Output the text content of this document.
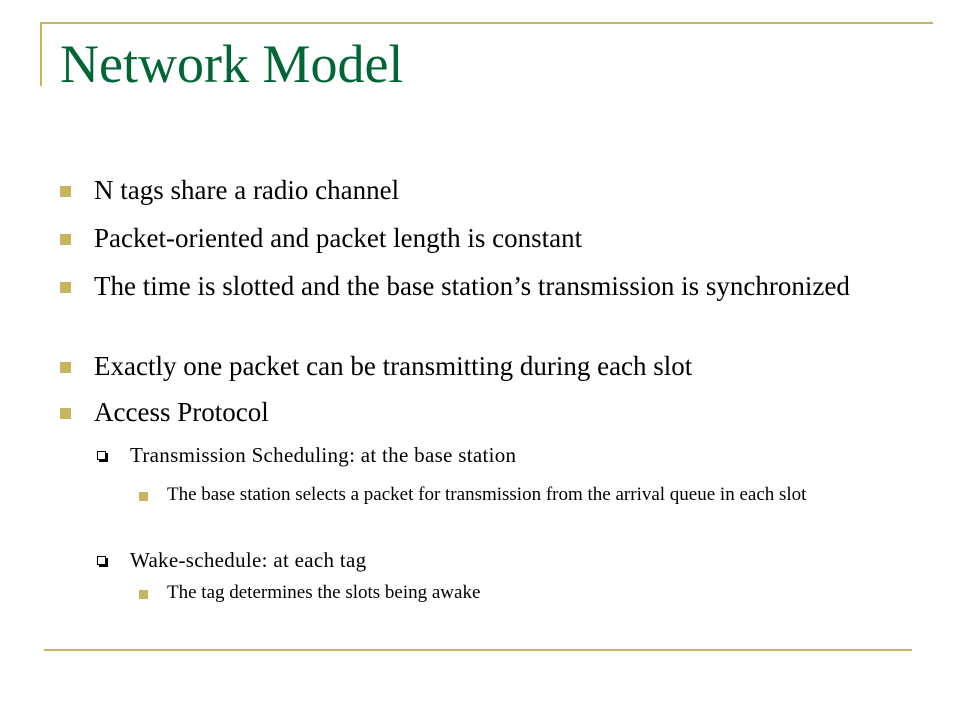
Network Model
N tags share a radio channel
Packet-oriented and packet length is constant
The time is slotted and the base station’s transmission is synchronized
Exactly one packet can be transmitting during each slot
Access Protocol
Transmission Scheduling: at the base station
The base station selects a packet for transmission from the arrival queue in each slot
Wake-schedule: at each tag
The tag determines the slots being awake
